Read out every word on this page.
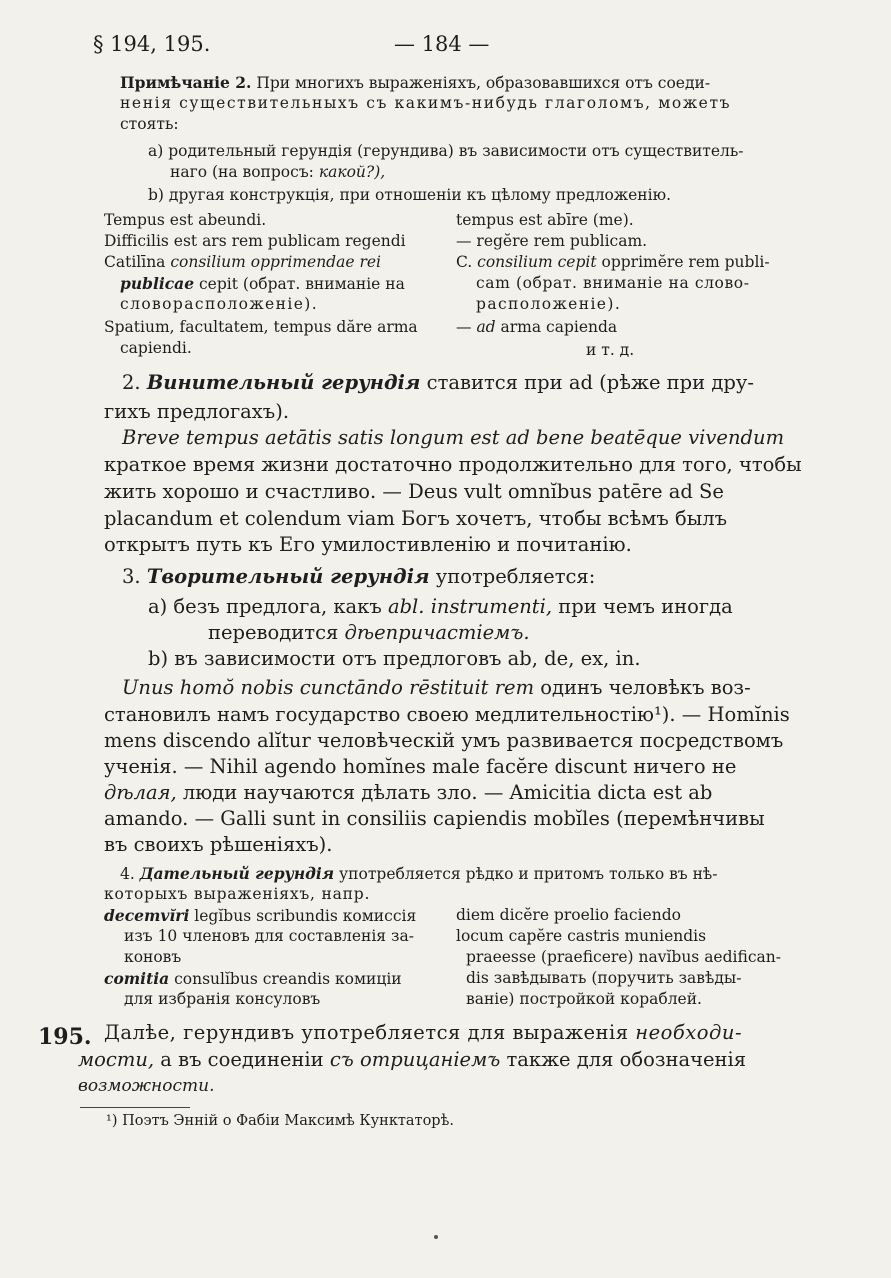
§ 194, 195.	— 184 —
Примѣчаніе 2. При многихъ выраженіяхъ, образовавшихся отъ соеди-
ненія существительныхъ съ какимъ-нибудь глаголомъ, можетъ
стоять:
a) родительный герундія (герундива) въ зависимости отъ существитель-
наго (на вопросъ: какой?),
b) другая конструкція, при отношеніи къ цѣлому предложенію.
Tempus est abeundi.
Difficilis est ars rem publicam regendi
Catilīna consilium opprimendae rei
publicae cepit (обрат. вниманіе на
словорасположеніе).
Spatium, facultatem, tempus dăre arma
capiendi.
tempus est abīre (me).
— regĕre rem publicam.
C. consilium cepit opprimĕre rem publi-
cam (обрат. вниманіе на слово-
расположеніе).
— ad arma capienda
и т. д.
2. Винительный герундія ставится при ad (рѣже при дру-
гихъ предлогахъ).
Breve tempus aetātis satis longum est ad bene beatēque vivendum
краткое время жизни достаточно продолжительно для того, чтобы
жить хорошо и счастливо. — Deus vult omnĭbus patēre ad Se
placandum et colendum viam Богъ хочетъ, чтобы всѣмъ былъ
открытъ путь къ Его умилостивленію и почитанію.
3. Творительный герундія употребляется:
a) безъ предлога, какъ abl. instrumenti, при чемъ иногда
переводится дѣепричастіемъ.
b) въ зависимости отъ предлоговъ ab, de, ex, in.
Unus homŏ nobis cunctāndo rēstituit rem одинъ человѣкъ воз-
становилъ намъ государство своею медлительностію¹). — Homĭnis
mens discendo alĭtur человѣческій умъ развивается посредствомъ
ученія. — Nihil agendo homĭnes male facĕre discunt ничего не
дѣлая, люди научаются дѣлать зло. — Amicitia dicta est ab
amando. — Galli sunt in consiliis capiendis mobĭles (перемѣнчивы
въ своихъ рѣшеніяхъ).
4. Дательный герундія употребляется рѣдко и притомъ только въ нѣ-
которыхъ выраженіяхъ, напр.
decemvĭri legĭbus scribundis комиссія
изъ 10 членовъ для составленія за-
коновъ
comitia consulĭbus creandis комиціи
для избранія консуловъ
diem dicĕre proelio faciendo
locum capĕre castris muniendis
praeesse (praeficere) navĭbus aedifican-
dis завѣдывать (поручить завѣды-
ваніе) постройкой кораблей.
195. Далѣе, герундивъ употребляется для выраженія необходи-
мости, а въ соединеніи съ отрицаніемъ также для обозначенія
возможности.
¹) Поэтъ Энній о Фабіи Максимѣ Кунктаторѣ.
